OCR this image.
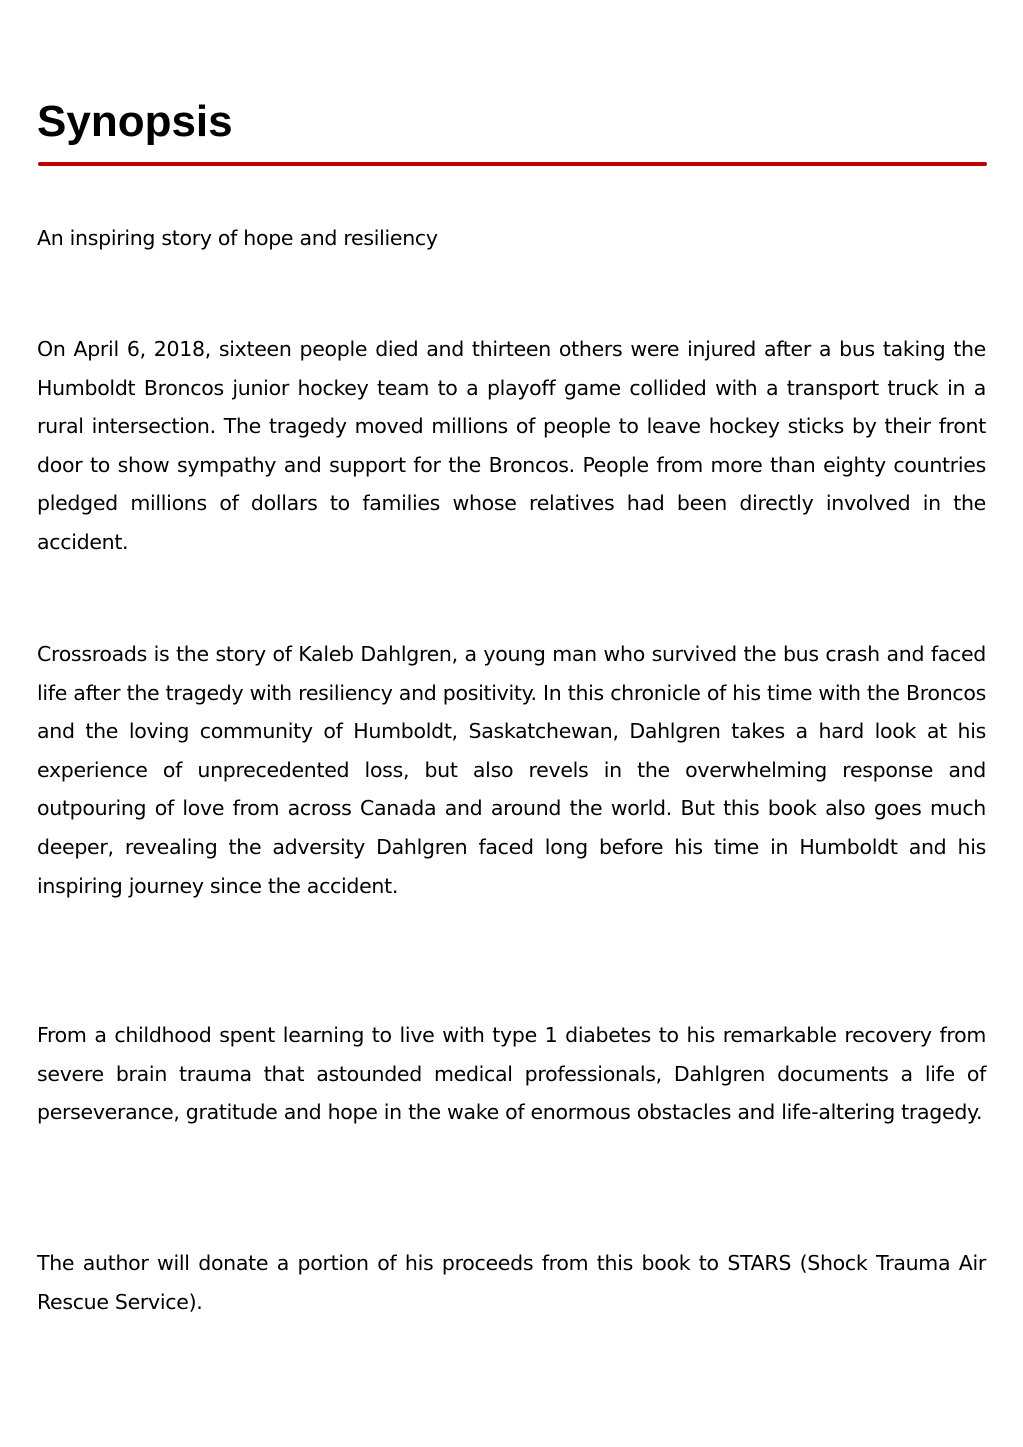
Synopsis

An inspiring story of hope and resiliency

On April 6, 2018, sixteen people died and thirteen others were injured after a bus taking the Humboldt Broncos junior hockey team to a playoff game collided with a transport truck in a rural intersection. The tragedy moved millions of people to leave hockey sticks by their front door to show sympathy and support for the Broncos. People from more than eighty countries pledged millions of dollars to families whose relatives had been directly involved in the accident.

Crossroads is the story of Kaleb Dahlgren, a young man who survived the bus crash and faced life after the tragedy with resiliency and positivity. In this chronicle of his time with the Broncos and the loving community of Humboldt, Saskatchewan, Dahlgren takes a hard look at his experience of unprecedented loss, but also revels in the overwhelming response and outpouring of love from across Canada and around the world. But this book also goes much deeper, revealing the adversity Dahlgren faced long before his time in Humboldt and his inspiring journey since the accident.

From a childhood spent learning to live with type 1 diabetes to his remarkable recovery from severe brain trauma that astounded medical professionals, Dahlgren documents a life of perseverance, gratitude and hope in the wake of enormous obstacles and life-altering tragedy.

The author will donate a portion of his proceeds from this book to STARS (Shock Trauma Air Rescue Service).
